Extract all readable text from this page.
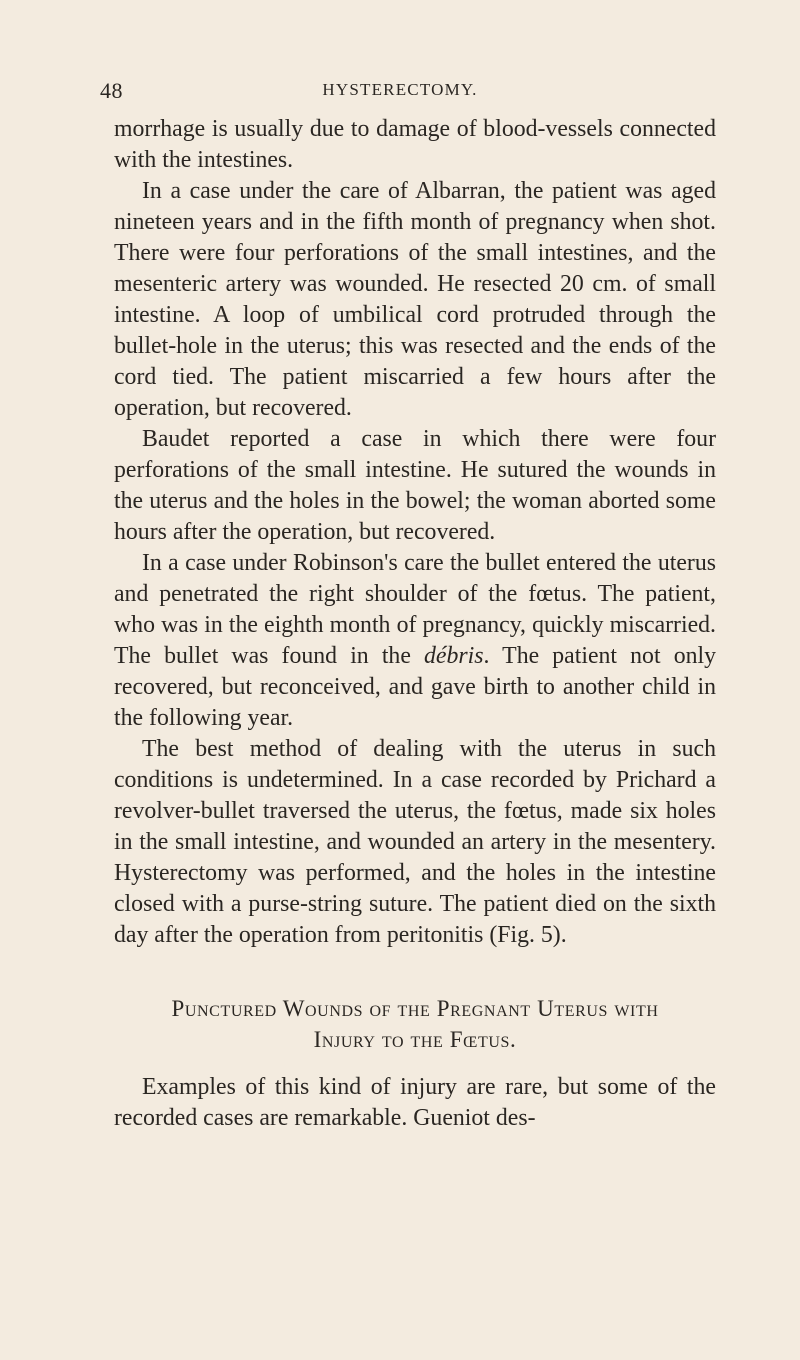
48	HYSTERECTOMY.

morrhage is usually due to damage of blood-vessels connected with the intestines.

In a case under the care of Albarran, the patient was aged nineteen years and in the fifth month of pregnancy when shot. There were four perforations of the small intestines, and the mesenteric artery was wounded. He resected 20 cm. of small intestine. A loop of umbilical cord protruded through the bullet-hole in the uterus; this was resected and the ends of the cord tied. The patient miscarried a few hours after the operation, but recovered.

Baudet reported a case in which there were four perforations of the small intestine. He sutured the wounds in the uterus and the holes in the bowel; the woman aborted some hours after the operation, but recovered.

In a case under Robinson's care the bullet entered the uterus and penetrated the right shoulder of the fœtus. The patient, who was in the eighth month of pregnancy, quickly miscarried. The bullet was found in the débris. The patient not only recovered, but reconceived, and gave birth to another child in the following year.

The best method of dealing with the uterus in such conditions is undetermined. In a case recorded by Prichard a revolver-bullet traversed the uterus, the fœtus, made six holes in the small intestine, and wounded an artery in the mesentery. Hysterectomy was performed, and the holes in the intestine closed with a purse-string suture. The patient died on the sixth day after the operation from peritonitis (Fig. 5).

Punctured Wounds of the Pregnant Uterus with
Injury to the Fœtus.

Examples of this kind of injury are rare, but some of the recorded cases are remarkable. Gueniot des-
